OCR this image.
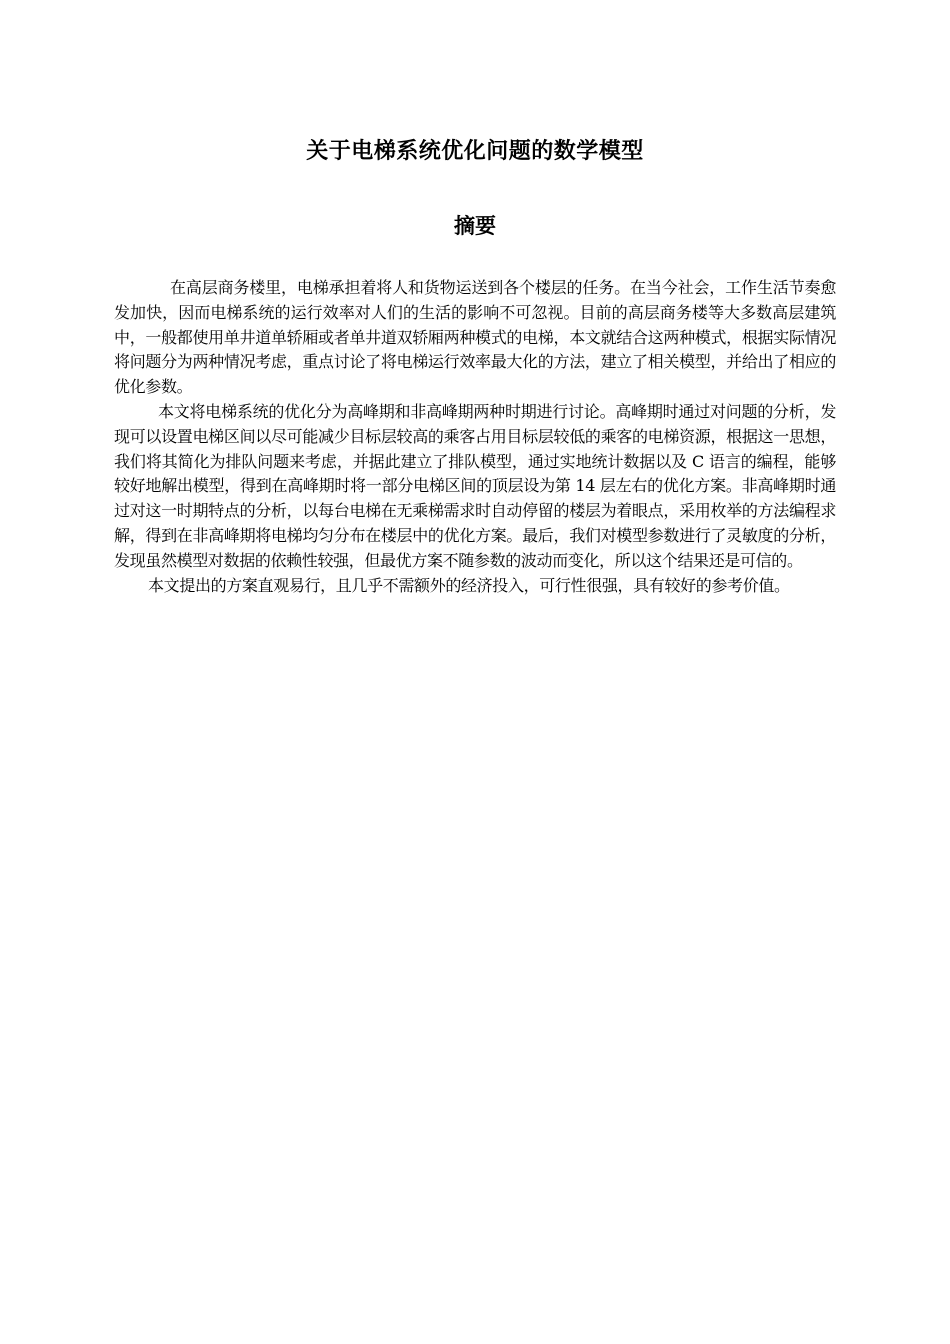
关于电梯系统优化问题的数学模型
摘要

在高层商务楼里，电梯承担着将人和货物运送到各个楼层的任务。在当今社会，工作生活节奏愈发加快，因而电梯系统的运行效率对人们的生活的影响不可忽视。目前的高层商务楼等大多数高层建筑中，一般都使用单井道单轿厢或者单井道双轿厢两种模式的电梯，本文就结合这两种模式，根据实际情况将问题分为两种情况考虑，重点讨论了将电梯运行效率最大化的方法，建立了相关模型，并给出了相应的优化参数。

本文将电梯系统的优化分为高峰期和非高峰期两种时期进行讨论。高峰期时通过对问题的分析，发现可以设置电梯区间以尽可能减少目标层较高的乘客占用目标层较低的乘客的电梯资源，根据这一思想，我们将其简化为排队问题来考虑，并据此建立了排队模型，通过实地统计数据以及 C 语言的编程，能够较好地解出模型，得到在高峰期时将一部分电梯区间的顶层设为第 14 层左右的优化方案。非高峰期时通过对这一时期特点的分析，以每台电梯在无乘梯需求时自动停留的楼层为着眼点，采用枚举的方法编程求解，得到在非高峰期将电梯均匀分布在楼层中的优化方案。最后，我们对模型参数进行了灵敏度的分析，发现虽然模型对数据的依赖性较强，但最优方案不随参数的波动而变化，所以这个结果还是可信的。

本文提出的方案直观易行，且几乎不需额外的经济投入，可行性很强，具有较好的参考价值。
